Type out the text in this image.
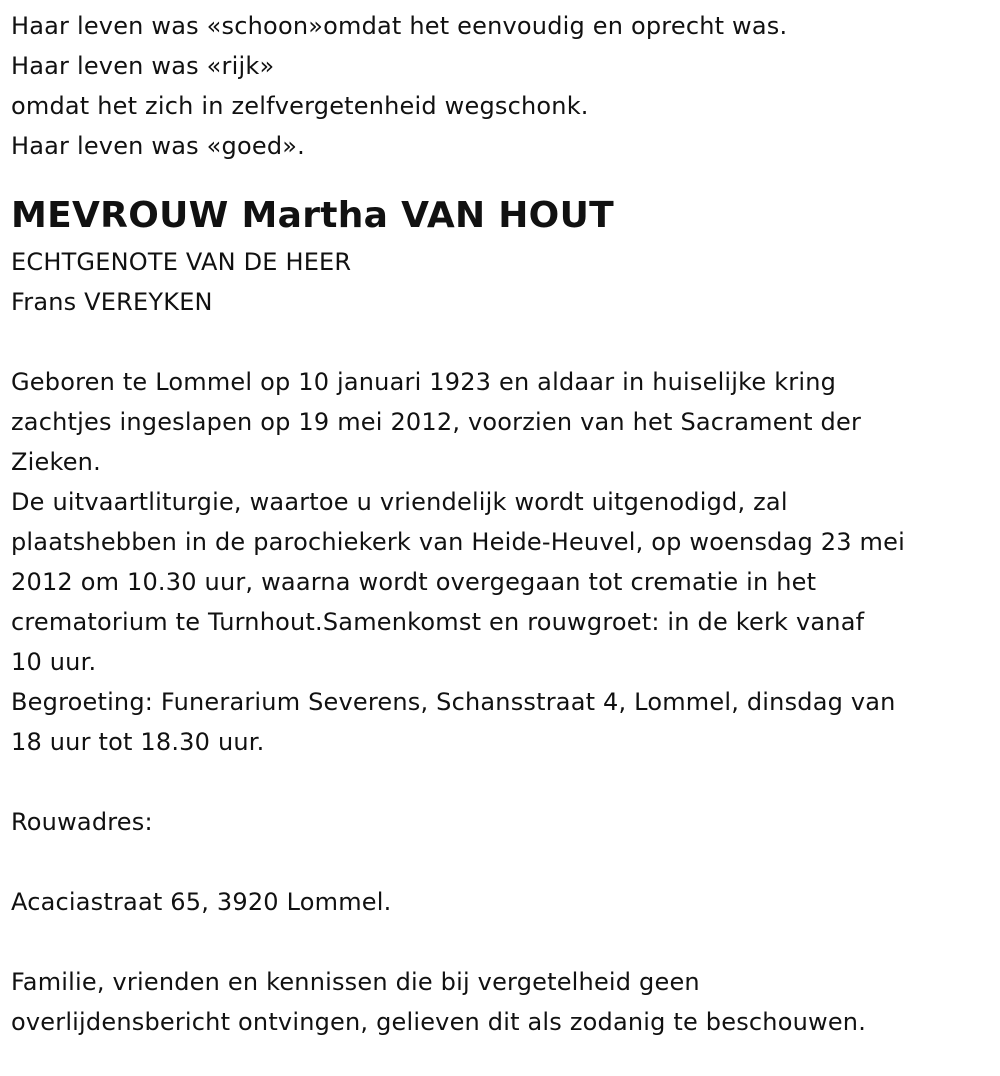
Haar leven was «schoon»omdat het eenvoudig en oprecht was.
Haar leven was «rijk»
omdat het zich in zelfvergetenheid wegschonk.
Haar leven was «goed».
MEVROUW Martha VAN HOUT
ECHTGENOTE VAN DE HEER
Frans VEREYKEN
Geboren te Lommel op 10 januari 1923 en aldaar in huiselijke kring
zachtjes ingeslapen op 19 mei 2012, voorzien van het Sacrament der
Zieken.
De uitvaartliturgie, waartoe u vriendelijk wordt uitgenodigd, zal
plaatshebben in de parochiekerk van Heide-Heuvel, op woensdag 23 mei
2012 om 10.30 uur, waarna wordt overgegaan tot crematie in het
crematorium te Turnhout.Samenkomst en rouwgroet: in de kerk vanaf
10 uur.
Begroeting: Funerarium Severens, Schansstraat 4, Lommel, dinsdag van
18 uur tot 18.30 uur.
Rouwadres:
Acaciastraat 65, 3920 Lommel.
Familie, vrienden en kennissen die bij vergetelheid geen
overlijdensbericht ontvingen, gelieven dit als zodanig te beschouwen.
